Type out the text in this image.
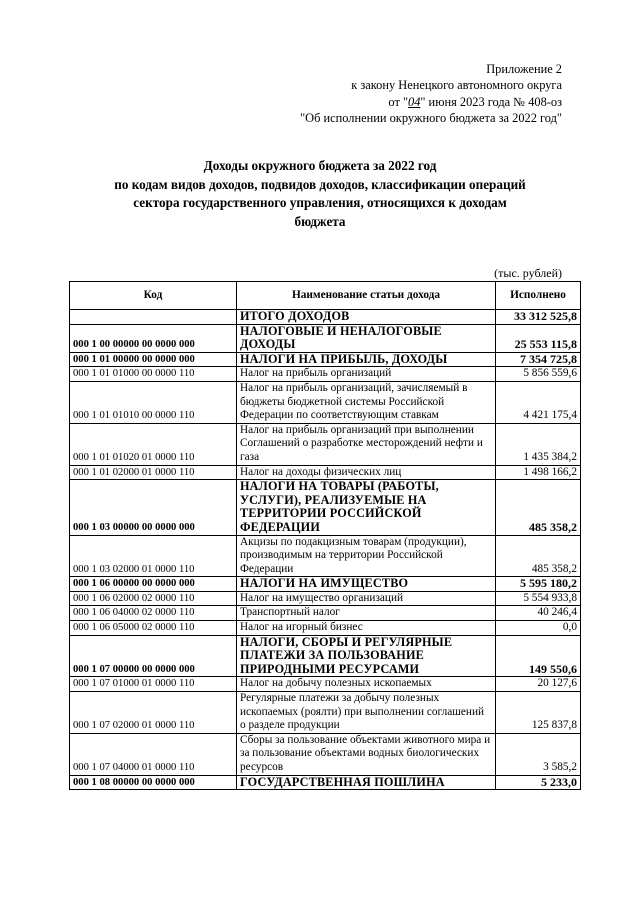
Приложение 2
к закону Ненецкого автономного округа
от "04" июня 2023 года № 408-оз
"Об исполнении окружного бюджета за 2022 год"
Доходы окружного бюджета за 2022 год
по кодам видов доходов, подвидов доходов, классификации операций
сектора государственного управления, относящихся к доходам
бюджета
(тыс. рублей)
Код	Наименование статьи дохода	Исполнено
	ИТОГО ДОХОДОВ	33 312 525,8
000 1 00 00000 00 0000 000	НАЛОГОВЫЕ И НЕНАЛОГОВЫЕ ДОХОДЫ	25 553 115,8
000 1 01 00000 00 0000 000	НАЛОГИ НА ПРИБЫЛЬ, ДОХОДЫ	7 354 725,8
000 1 01 01000 00 0000 110	Налог на прибыль организаций	5 856 559,6
000 1 01 01010 00 0000 110	Налог на прибыль организаций, зачисляемый в бюджеты бюджетной системы Российской Федерации по соответствующим ставкам	4 421 175,4
000 1 01 01020 01 0000 110	Налог на прибыль организаций при выполнении Соглашений о разработке месторождений нефти и газа	1 435 384,2
000 1 01 02000 01 0000 110	Налог на доходы физических лиц	1 498 166,2
000 1 03 00000 00 0000 000	НАЛОГИ НА ТОВАРЫ (РАБОТЫ, УСЛУГИ), РЕАЛИЗУЕМЫЕ НА ТЕРРИТОРИИ РОССИЙСКОЙ ФЕДЕРАЦИИ	485 358,2
000 1 03 02000 01 0000 110	Акцизы по подакцизным товарам (продукции), производимым на территории Российской Федерации	485 358,2
000 1 06 00000 00 0000 000	НАЛОГИ НА ИМУЩЕСТВО	5 595 180,2
000 1 06 02000 02 0000 110	Налог на имущество организаций	5 554 933,8
000 1 06 04000 02 0000 110	Транспортный налог	40 246,4
000 1 06 05000 02 0000 110	Налог на игорный бизнес	0,0
000 1 07 00000 00 0000 000	НАЛОГИ, СБОРЫ И РЕГУЛЯРНЫЕ ПЛАТЕЖИ ЗА ПОЛЬЗОВАНИЕ ПРИРОДНЫМИ РЕСУРСАМИ	149 550,6
000 1 07 01000 01 0000 110	Налог на добычу полезных ископаемых	20 127,6
000 1 07 02000 01 0000 110	Регулярные платежи за добычу полезных ископаемых (роялти) при выполнении соглашений о разделе продукции	125 837,8
000 1 07 04000 01 0000 110	Сборы за пользование объектами животного мира и за пользование объектами водных биологических ресурсов	3 585,2
000 1 08 00000 00 0000 000	ГОСУДАРСТВЕННАЯ ПОШЛИНА	5 233,0
